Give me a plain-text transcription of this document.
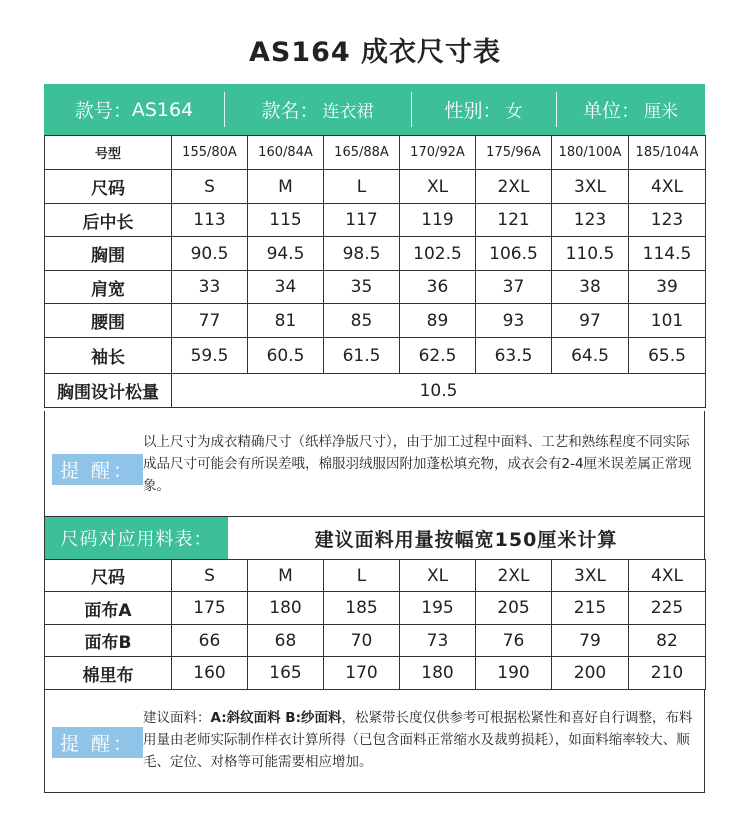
AS164 成衣尺寸表
款号： AS164	款名： 连衣裙	性别： 女	单位： 厘米
号型	155/80A	160/84A	165/88A	170/92A	175/96A	180/100A	185/104A
尺码	S	M	L	XL	2XL	3XL	4XL
后中长	113	115	117	119	121	123	123
胸围	90.5	94.5	98.5	102.5	106.5	110.5	114.5
肩宽	33	34	35	36	37	38	39
腰围	77	81	85	89	93	97	101
袖长	59.5	60.5	61.5	62.5	63.5	64.5	65.5
胸围设计松量	10.5						
提 醒：
以上尺寸为成衣精确尺寸（纸样净版尺寸），由于加工过程中面料、工艺和熟练程度不同实际成品尺寸可能会有所误差哦，棉服羽绒服因附加蓬松填充物，成衣会有2-4厘米误差属正常现象。
尺码对应用料表：	建议面料用量按幅宽150厘米计算
尺码	S	M	L	XL	2XL	3XL	4XL
面布A	175	180	185	195	205	215	225
面布B	66	68	70	73	76	79	82
棉里布	160	165	170	180	190	200	210
提 醒：
建议面料：A:斜纹面料 B:纱面料，松紧带长度仅供参考可根据松紧性和喜好自行调整，布料用量由老师实际制作样衣计算所得（已包含面料正常缩水及裁剪损耗），如面料缩率较大、顺毛、定位、对格等可能需要相应增加。
